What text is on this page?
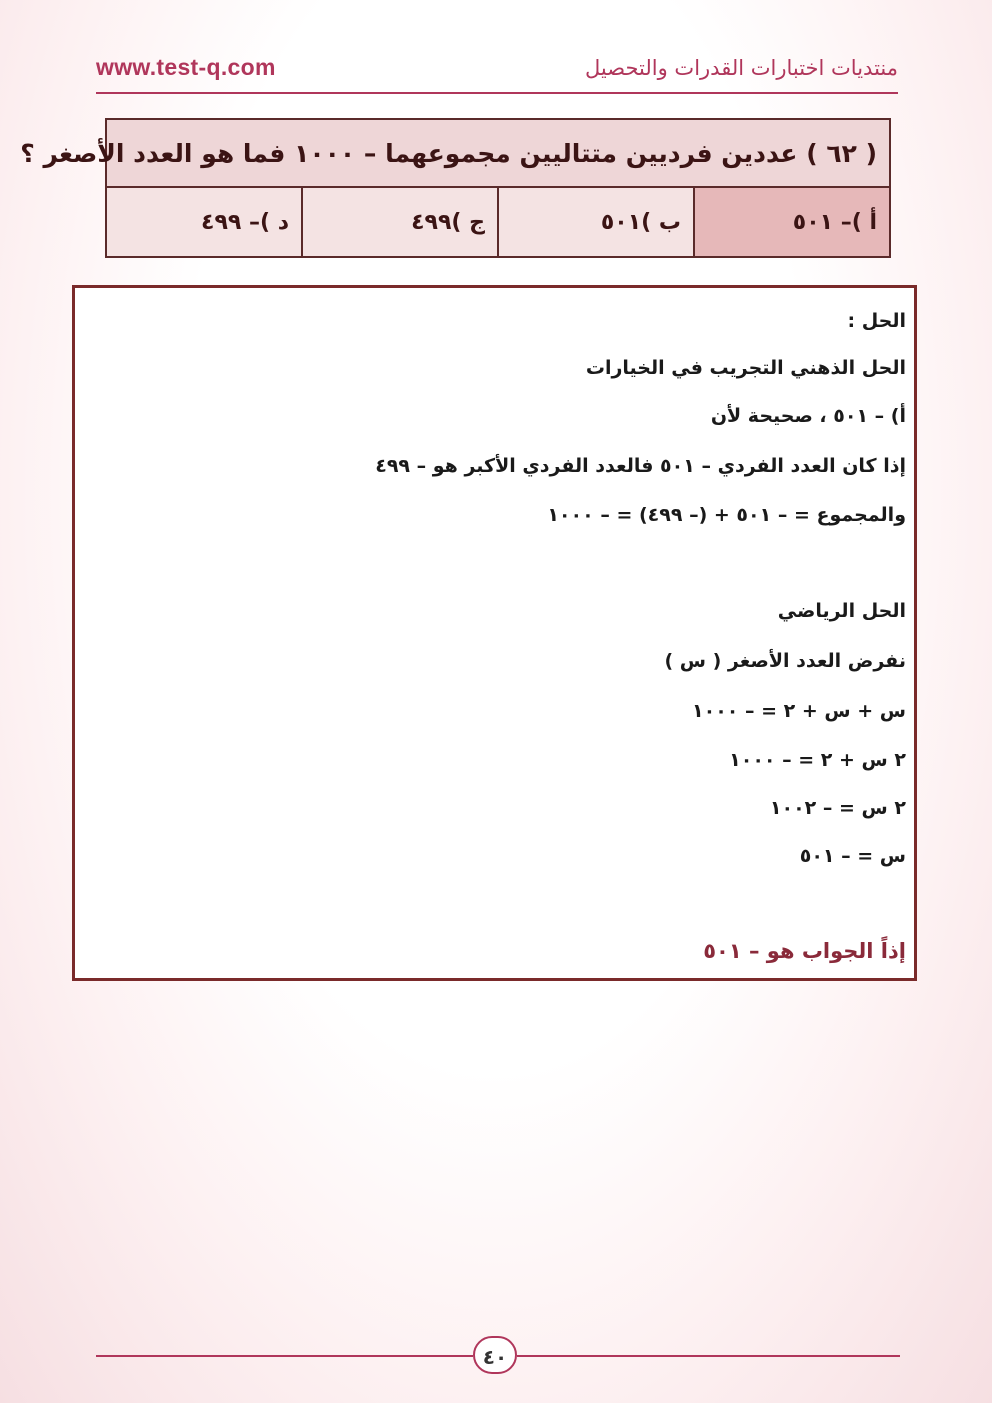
www.test-q.com	منتديات اختبارات القدرات والتحصيل
( ٦٢ ) عددين فرديين متتاليين مجموعهما – ١٠٠٠ فما هو العدد الأصغر ؟
أ )– ٥٠١
ب )٥٠١
ج )٤٩٩
د )– ٤٩٩
الحل :
الحل الذهني التجريب في الخيارات
أ) – ٥٠١ ، صحيحة لأن
إذا كان العدد الفردي – ٥٠١ فالعدد الفردي الأكبر هو – ٤٩٩
والمجموع = – ٥٠١ + (– ٤٩٩) = – ١٠٠٠
الحل الرياضي
نفرض العدد الأصغر ( س )
س + س + ٢ = – ١٠٠٠
٢ س + ٢ = – ١٠٠٠
٢ س = – ١٠٠٢
س = – ٥٠١
إذاً الجواب هو – ٥٠١
٤٠
